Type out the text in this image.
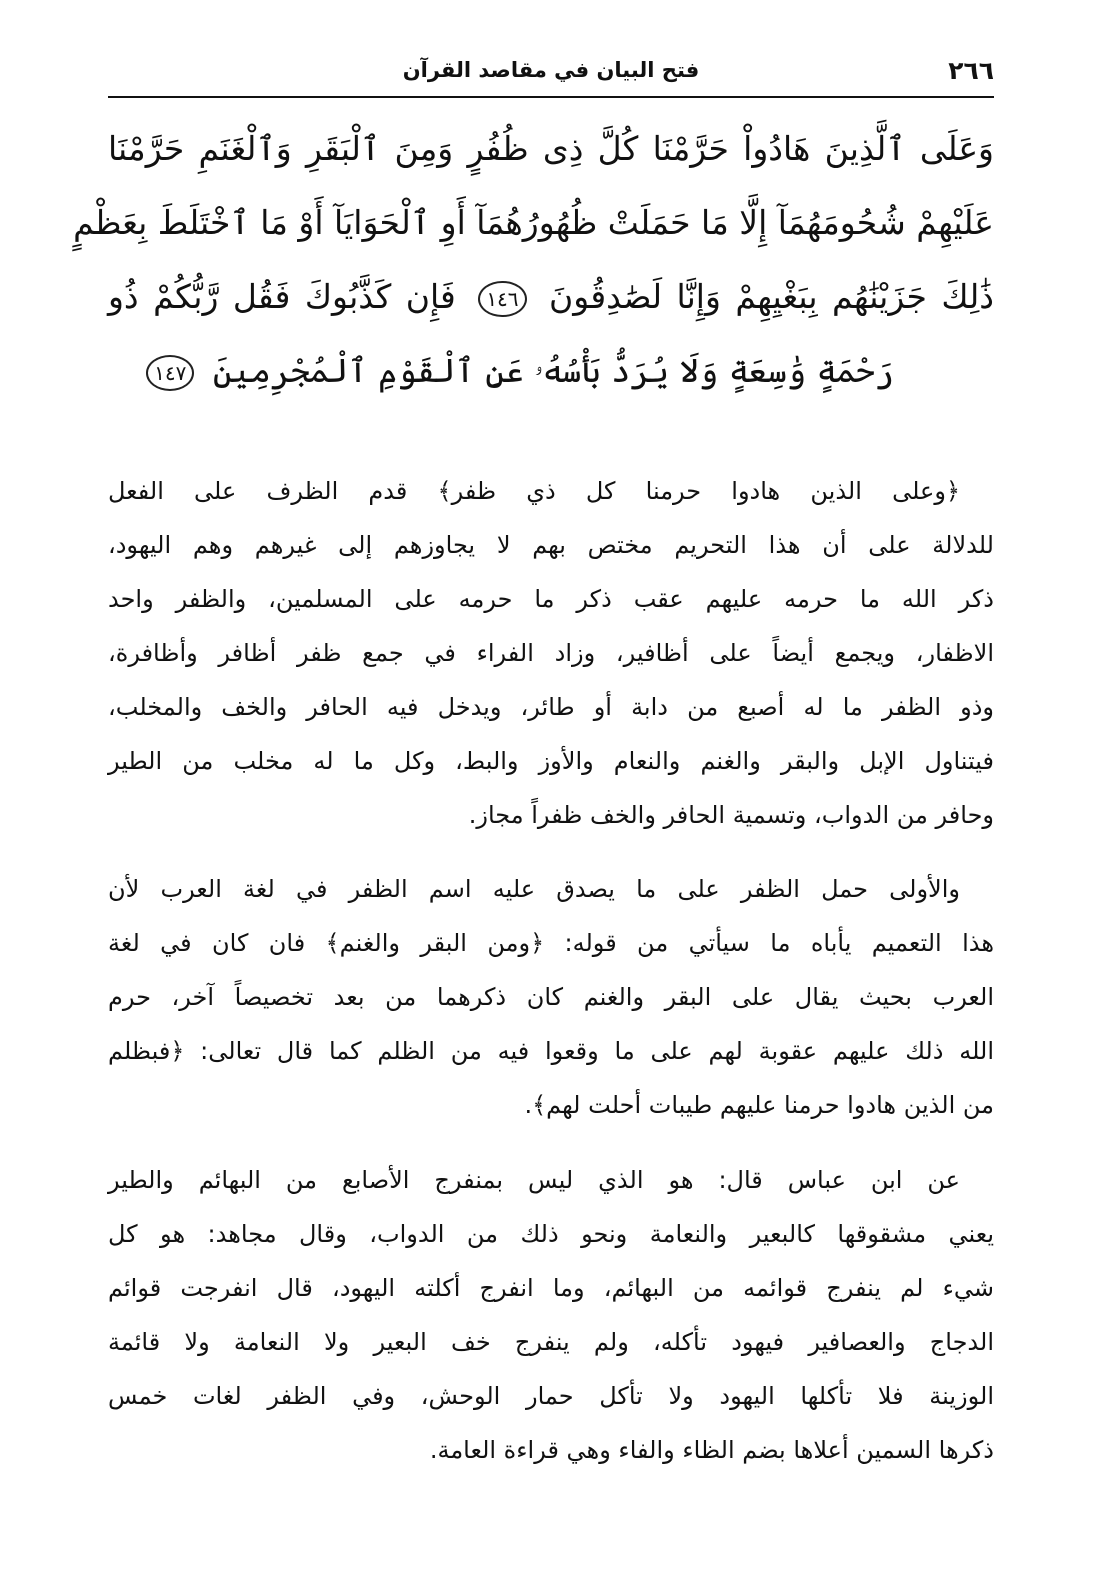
٢٦٦
فتح البيان في مقاصد القرآن
وَعَلَى ٱلَّذِينَ هَادُواْ حَرَّمْنَا كُلَّ ذِى ظُفُرٍ وَمِنَ ٱلْبَقَرِ وَٱلْغَنَمِ حَرَّمْنَا
عَلَيْهِمْ شُحُومَهُمَآ إِلَّا مَا حَمَلَتْ ظُهُورُهُمَآ أَوِ ٱلْحَوَايَآ أَوْ مَا ٱخْتَلَطَ بِعَظْمٍ
ذَٰلِكَ جَزَيْنَٰهُم بِبَغْيِهِمْ وَإِنَّا لَصَٰدِقُونَ ١٤٦ فَإِن كَذَّبُوكَ فَقُل رَّبُّكُمْ ذُو
رَحْمَةٍ وَٰسِعَةٍ وَلَا يُرَدُّ بَأْسُهُۥ عَنِ ٱلْقَوْمِ ٱلْمُجْرِمِينَ ١٤٧
﴿وعلى الذين هادوا حرمنا كل ذي ظفر﴾ قدم الظرف على الفعل
للدلالة على أن هذا التحريم مختص بهم لا يجاوزهم إلى غيرهم وهم اليهود،
ذكر الله ما حرمه عليهم عقب ذكر ما حرمه على المسلمين، والظفر واحد
الاظفار، ويجمع أيضاً على أظافير، وزاد الفراء في جمع ظفر أظافر وأظافرة،
وذو الظفر ما له أصبع من دابة أو طائر، ويدخل فيه الحافر والخف والمخلب،
فيتناول الإبل والبقر والغنم والنعام والأوز والبط، وكل ما له مخلب من الطير
وحافر من الدواب، وتسمية الحافر والخف ظفراً مجاز.
والأولى حمل الظفر على ما يصدق عليه اسم الظفر في لغة العرب لأن
هذا التعميم يأباه ما سيأتي من قوله: ﴿ومن البقر والغنم﴾ فان كان في لغة
العرب بحيث يقال على البقر والغنم كان ذكرهما من بعد تخصيصاً آخر، حرم
الله ذلك عليهم عقوبة لهم على ما وقعوا فيه من الظلم كما قال تعالى: ﴿فبظلم
من الذين هادوا حرمنا عليهم طيبات أحلت لهم﴾.
عن ابن عباس قال: هو الذي ليس بمنفرج الأصابع من البهائم والطير
يعني مشقوقها كالبعير والنعامة ونحو ذلك من الدواب، وقال مجاهد: هو كل
شيء لم ينفرج قوائمه من البهائم، وما انفرج أكلته اليهود، قال انفرجت قوائم
الدجاج والعصافير فيهود تأكله، ولم ينفرج خف البعير ولا النعامة ولا قائمة
الوزينة فلا تأكلها اليهود ولا تأكل حمار الوحش، وفي الظفر لغات خمس
ذكرها السمين أعلاها بضم الظاء والفاء وهي قراءة العامة.
